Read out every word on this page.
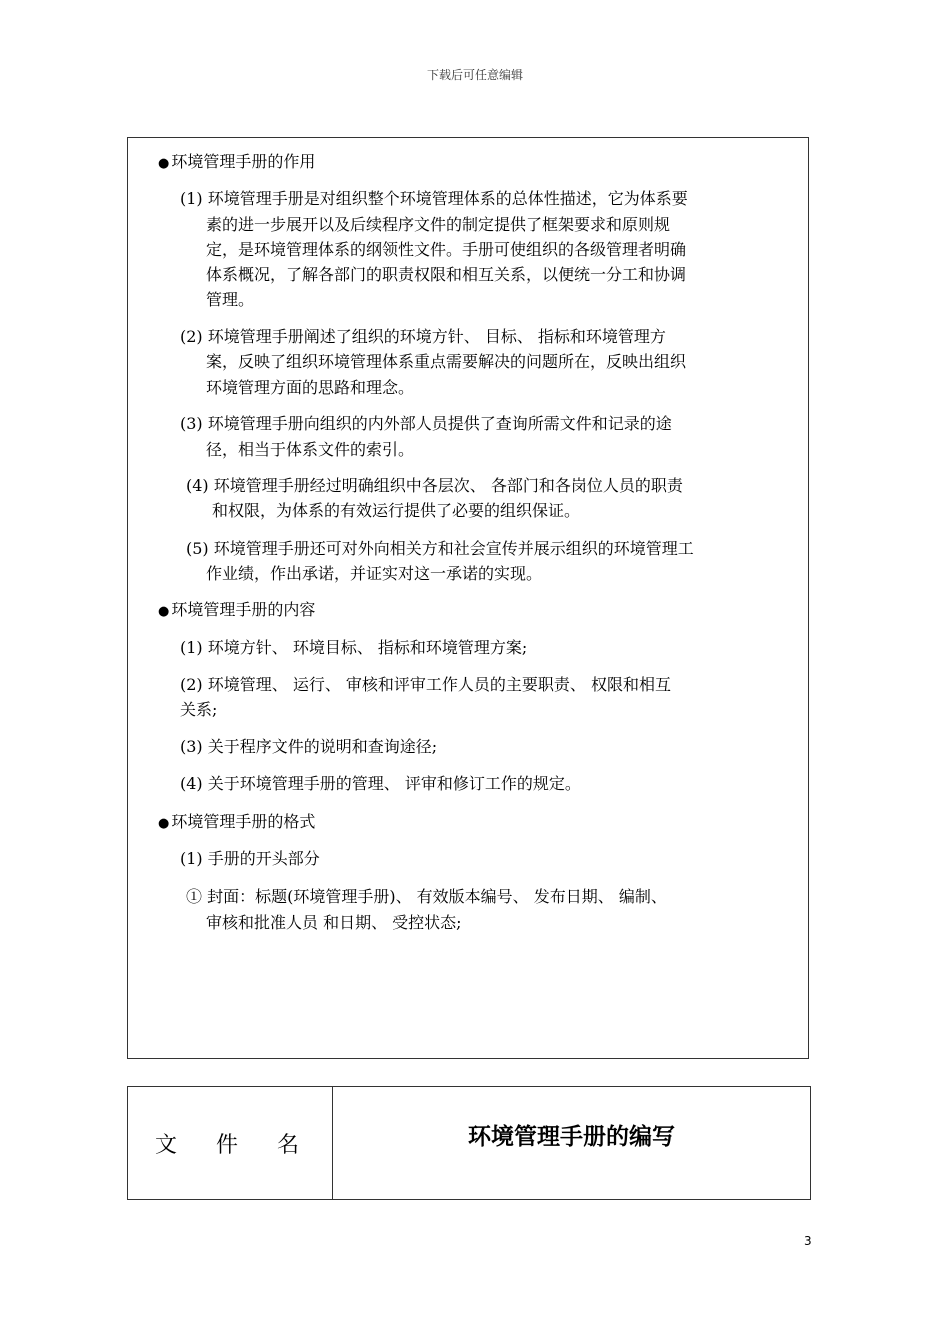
下载后可任意编辑
● 环境管理手册的作用
(1) 环境管理手册是对组织整个环境管理体系的总体性描述，它为体系要
素的进一步展开以及后续程序文件的制定提供了框架要求和原则规
定，是环境管理体系的纲领性文件。手册可使组织的各级管理者明确
体系概况，了解各部门的职责权限和相互关系，以便统一分工和协调
管理。
(2) 环境管理手册阐述了组织的环境方针、 目标、 指标和环境管理方
案，反映了组织环境管理体系重点需要解决的问题所在，反映出组织
环境管理方面的思路和理念。
(3) 环境管理手册向组织的内外部人员提供了查询所需文件和记录的途
径，相当于体系文件的索引。
(4) 环境管理手册经过明确组织中各层次、 各部门和各岗位人员的职责
和权限，为体系的有效运行提供了必要的组织保证。
(5) 环境管理手册还可对外向相关方和社会宣传并展示组织的环境管理工
作业绩，作出承诺，并证实对这一承诺的实现。
● 环境管理手册的内容
(1) 环境方针、 环境目标、 指标和环境管理方案;
(2) 环境管理、 运行、 审核和评审工作人员的主要职责、 权限和相互
关系;
(3) 关于程序文件的说明和查询途径;
(4) 关于环境管理手册的管理、 评审和修订工作的规定。
● 环境管理手册的格式
(1) 手册的开头部分
① 封面：标题(环境管理手册)、 有效版本编号、 发布日期、 编制、
审核和批准人员 和日期、 受控状态;
文 件 名	环境管理手册的编写
3
